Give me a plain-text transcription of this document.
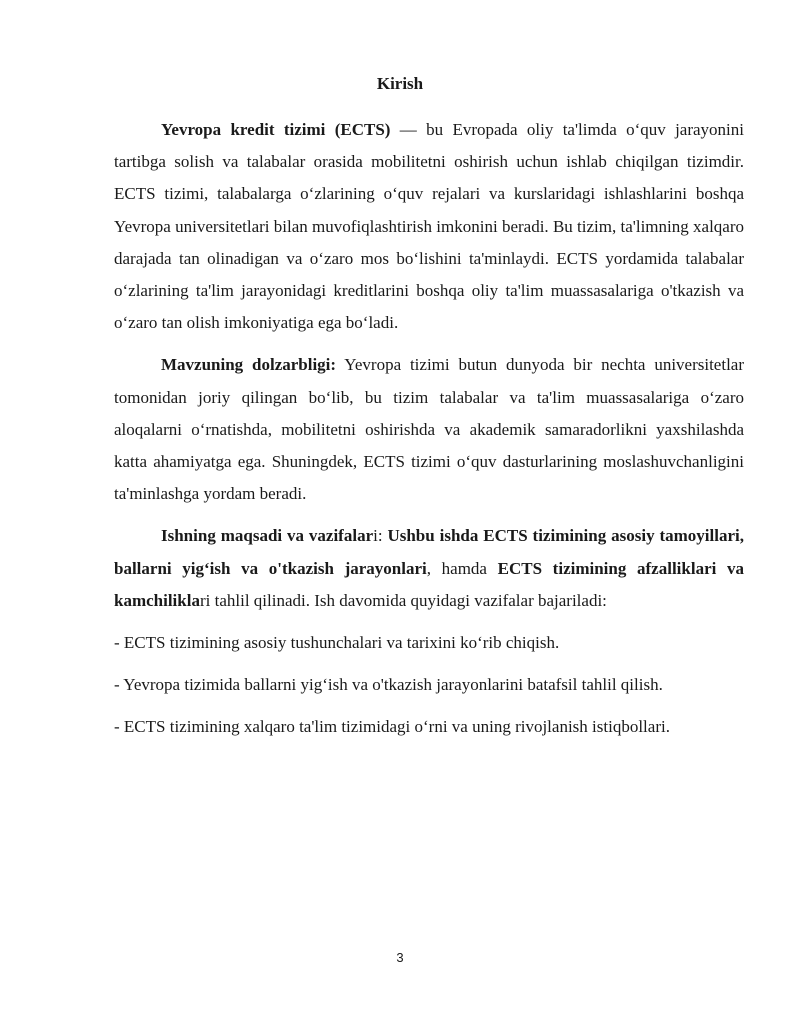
Kirish

Yevropa kredit tizimi (ECTS) — bu Evropada oliy ta'limda o‘quv jarayonini tartibga solish va talabalar orasida mobilitetni oshirish uchun ishlab chiqilgan tizimdir. ECTS tizimi, talabalarga o‘zlarining o‘quv rejalari va kurslaridagi ishlashlarini boshqa Yevropa universitetlari bilan muvofiqlashtirish imkonini beradi. Bu tizim, ta'limning xalqaro darajada tan olinadigan va o‘zaro mos bo‘lishini ta'minlaydi. ECTS yordamida talabalar o‘zlarining ta'lim jarayonidagi kreditlarini boshqa oliy ta'lim muassasalariga o'tkazish va o‘zaro tan olish imkoniyatiga ega bo‘ladi.

Mavzuning dolzarbligi: Yevropa tizimi butun dunyoda bir nechta universitetlar tomonidan joriy qilingan bo‘lib, bu tizim talabalar va ta'lim muassasalariga o‘zaro aloqalarni o‘rnatishda, mobilitetni oshirishda va akademik samaradorlikni yaxshilashda katta ahamiyatga ega. Shuningdek, ECTS tizimi o‘quv dasturlarining moslashuvchanligini ta'minlashga yordam beradi.

Ishning maqsadi va vazifalari: Ushbu ishda ECTS tizimining asosiy tamoyillari, ballarni yig‘ish va o'tkazish jarayonlari, hamda ECTS tizimining afzalliklari va kamchiliklari tahlil qilinadi. Ish davomida quyidagi vazifalar bajariladi:

- ECTS tizimining asosiy tushunchalari va tarixini ko‘rib chiqish.

- Yevropa tizimida ballarni yig‘ish va o'tkazish jarayonlarini batafsil tahlil qilish.

- ECTS tizimining xalqaro ta'lim tizimidagi o‘rni va uning rivojlanish istiqbollari.

3
